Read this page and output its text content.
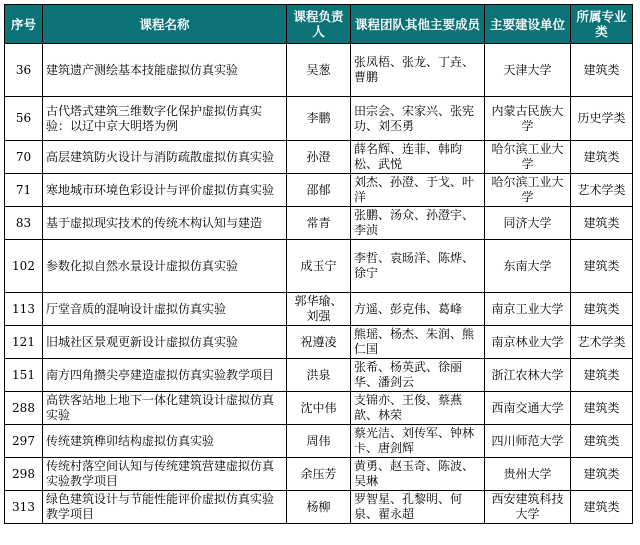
序号	课程名称	课程负责人	课程团队其他主要成员	主要建设单位	所属专业类
36	建筑遗产测绘基本技能虚拟仿真实验	吴葱	张凤梧、张龙、丁垚、曹鹏	天津大学	建筑类
56	古代塔式建筑三维数字化保护虚拟仿真实验：以辽中京大明塔为例	李鹏	田宗会、宋家兴、张宪功、刘丕勇	内蒙古民族大学	历史学类
70	高层建筑防火设计与消防疏散虚拟仿真实验	孙澄	薛名辉、连菲、韩昀松、武悦	哈尔滨工业大学	建筑类
71	寒地城市环境色彩设计与评价虚拟仿真实验	邵郁	刘杰、孙澄、于戈、叶洋	哈尔滨工业大学	艺术学类
83	基于虚拟现实技术的传统木构认知与建造	常青	张鹏、汤众、孙澄宇、李浈	同济大学	建筑类
102	参数化拟自然水景设计虚拟仿真实验	成玉宁	李哲、袁旸洋、陈烨、徐宁	东南大学	建筑类
113	厅堂音质的混响设计虚拟仿真实验	郭华瑜、刘强	方遥、彭克伟、葛峰	南京工业大学	建筑类
121	旧城社区景观更新设计虚拟仿真实验	祝遵凌	熊瑶、杨杰、朱润、熊仁国	南京林业大学	艺术学类
151	南方四角攒尖亭建造虚拟仿真实验教学项目	洪泉	张希、杨英武、徐丽华、潘剑云	浙江农林大学	建筑类
288	高铁客站地上地下一体化建筑设计虚拟仿真实验	沈中伟	支锦亦、王俊、蔡燕歆、林荣	西南交通大学	建筑类
297	传统建筑榫卯结构虚拟仿真实验	周伟	蔡光洁、刘传军、钟林卡、唐剑辉	四川师范大学	建筑类
298	传统村落空间认知与传统建筑营建虚拟仿真实验教学项目	余压芳	黄勇、赵玉奇、陈波、吴琳	贵州大学	建筑类
313	绿色建筑设计与节能性能评价虚拟仿真实验教学项目	杨柳	罗智星、孔黎明、何泉、翟永超	西安建筑科技大学	建筑类
